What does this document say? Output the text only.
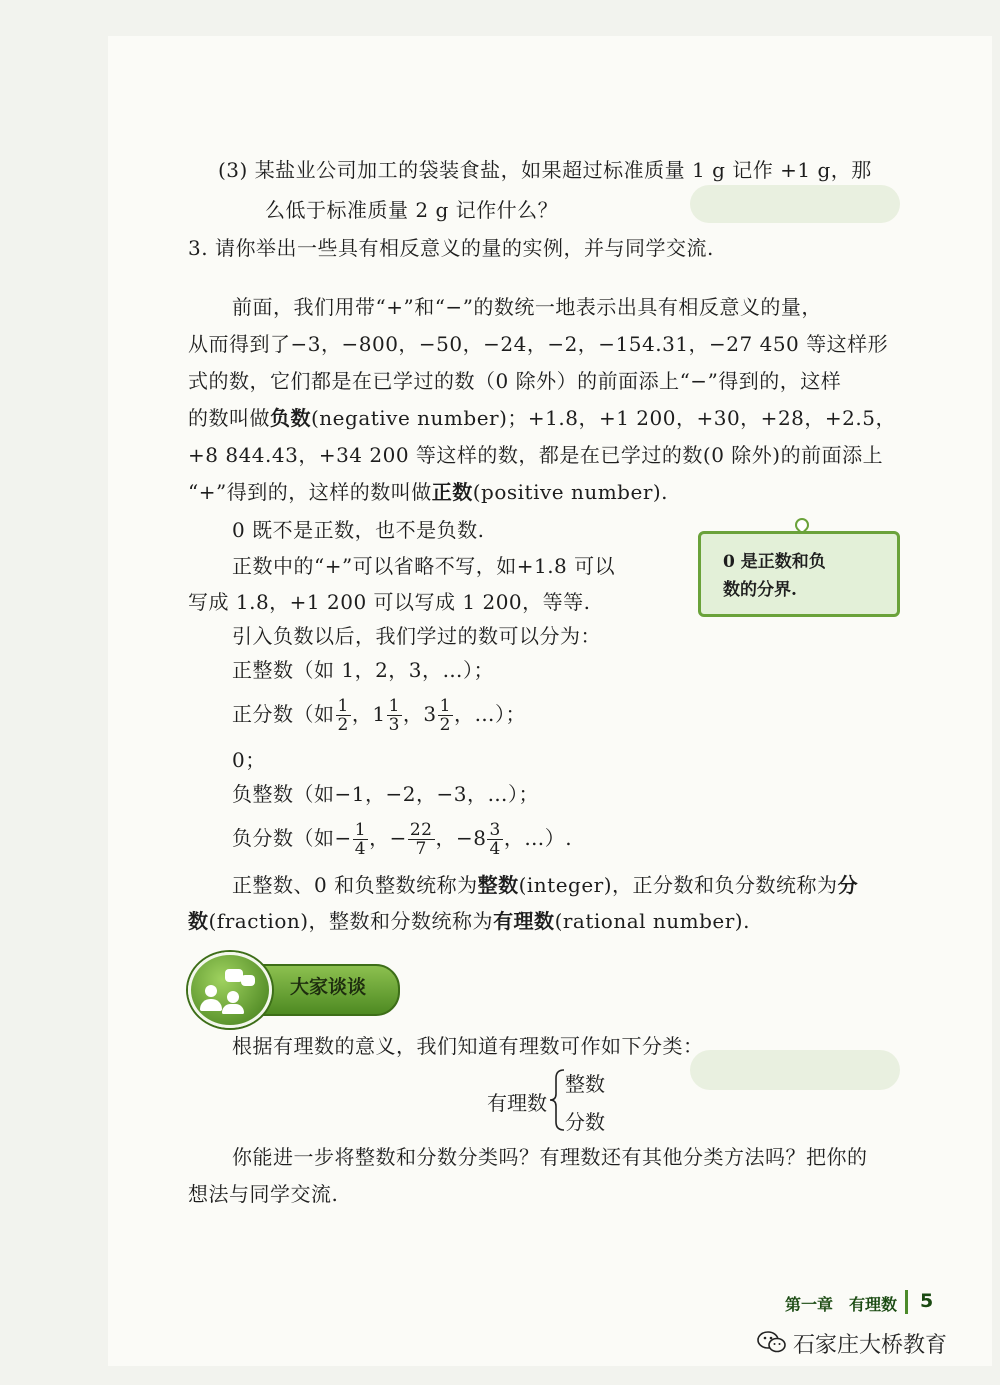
(3) 某盐业公司加工的袋装食盐，如果超过标准质量 1 g 记作 +1 g，那
么低于标准质量 2 g 记作什么？
3. 请你举出一些具有相反意义的量的实例，并与同学交流.
前面，我们用带“+”和“−”的数统一地表示出具有相反意义的量，
从而得到了−3，−800，−50，−24，−2，−154.31，−27 450 等这样形
式的数，它们都是在已学过的数（0 除外）的前面添上“−”得到的，这样
的数叫做负数(negative number)；+1.8，+1 200，+30，+28，+2.5，
+8 844.43，+34 200 等这样的数，都是在已学过的数(0 除外)的前面添上
“+”得到的，这样的数叫做正数(positive number).
0 既不是正数，也不是负数.
正数中的“+”可以省略不写，如+1.8 可以
写成 1.8，+1 200 可以写成 1 200，等等.
引入负数以后，我们学过的数可以分为：
0 是正数和负
数的分界.
正整数（如 1，2，3，…）；
正分数（如 $\frac{1}{2}$ ，$1 \frac{1}{3}$ ，$3 \frac{1}{2}$ ，…）；
0；
负整数（如−1，−2，−3，…）；
负分数（如− $\frac{1}{4}$ ，− $\frac{22}{7}$ ，$-8 \frac{3}{4}$ ，…）.
正整数、0 和负整数统称为整数(integer)，正分数和负分数统称为分
数(fraction)，整数和分数统称为有理数(rational number).
大家谈谈
根据有理数的意义，我们知道有理数可作如下分类：
有理数
整数
分数
你能进一步将整数和分数分类吗？有理数还有其他分类方法吗？把你的
想法与同学交流.
第一章　有理数 5
石家庄大桥教育
